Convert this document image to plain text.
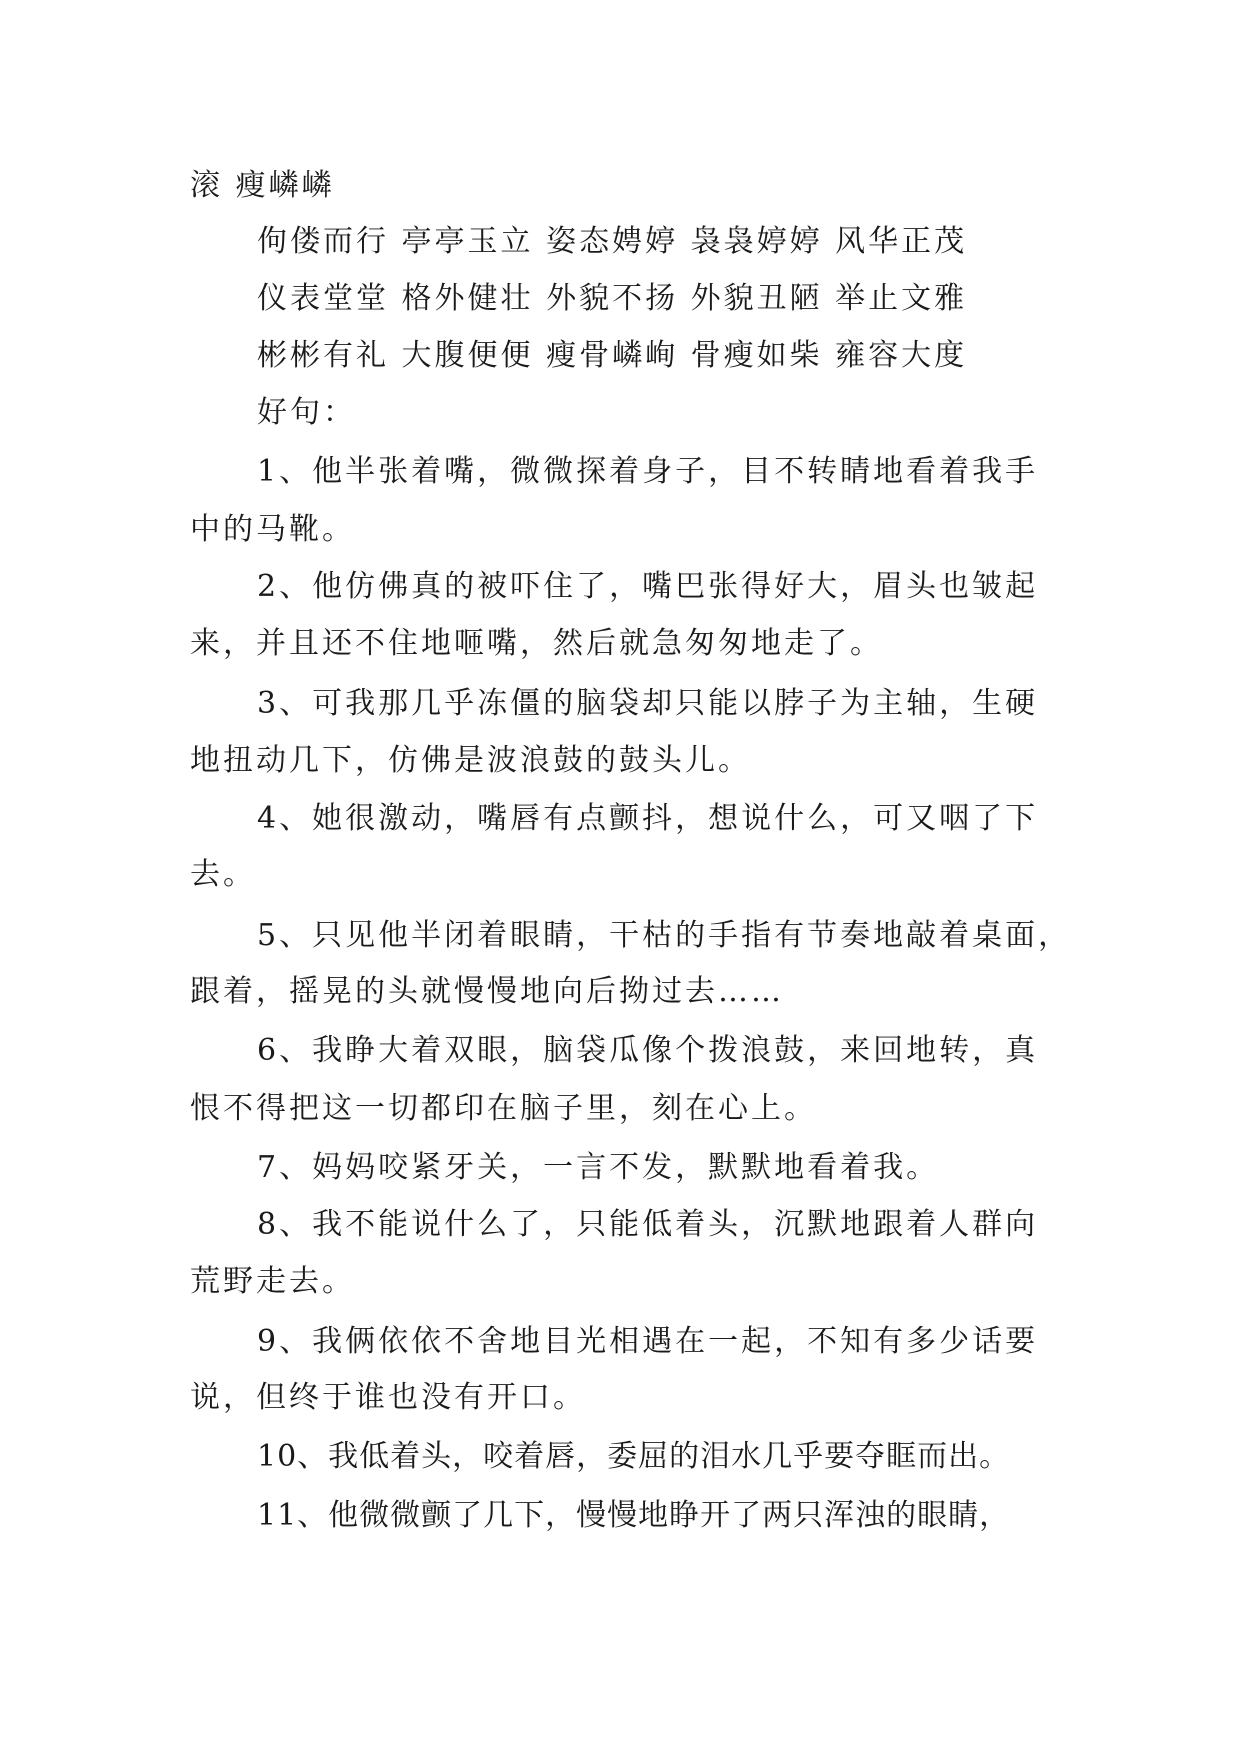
滚 瘦嶙嶙
佝偻而行 亭亭玉立 姿态娉婷 袅袅婷婷 风华正茂
仪表堂堂 格外健壮 外貌不扬 外貌丑陋 举止文雅
彬彬有礼 大腹便便 瘦骨嶙峋 骨瘦如柴 雍容大度
好句：
1、他半张着嘴，微微探着身子，目不转睛地看着我手
中的马靴。
2、他仿佛真的被吓住了，嘴巴张得好大，眉头也皱起
来，并且还不住地咂嘴，然后就急匆匆地走了。
3、可我那几乎冻僵的脑袋却只能以脖子为主轴，生硬
地扭动几下，仿佛是波浪鼓的鼓头儿。
4、她很激动，嘴唇有点颤抖，想说什么，可又咽了下
去。
5、只见他半闭着眼睛，干枯的手指有节奏地敲着桌面，
跟着，摇晃的头就慢慢地向后拗过去……
6、我睁大着双眼，脑袋瓜像个拨浪鼓，来回地转，真
恨不得把这一切都印在脑子里，刻在心上。
7、妈妈咬紧牙关，一言不发，默默地看着我。
8、我不能说什么了，只能低着头，沉默地跟着人群向
荒野走去。
9、我俩依依不舍地目光相遇在一起，不知有多少话要
说，但终于谁也没有开口。
10、我低着头，咬着唇，委屈的泪水几乎要夺眶而出。
11、他微微颤了几下，慢慢地睁开了两只浑浊的眼睛，
